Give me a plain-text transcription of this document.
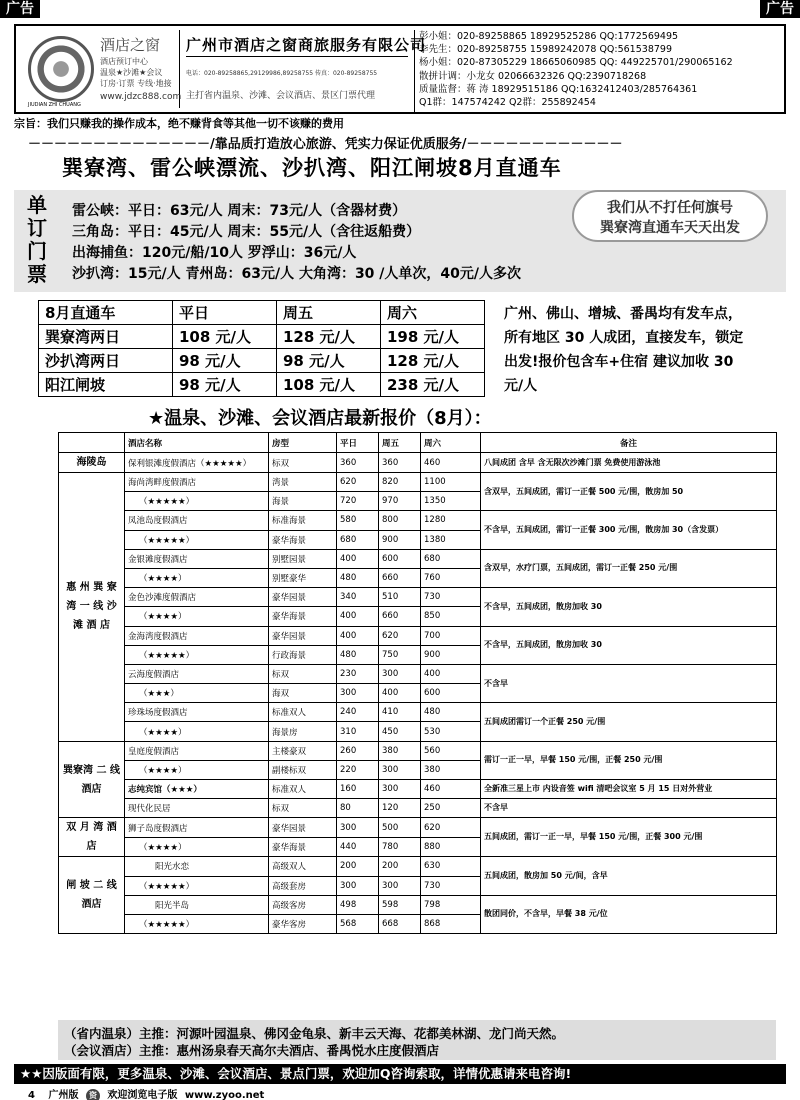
广告	广告
JIUDIAN ZHI CHUANG
酒店之窗
酒店预订中心
温泉★沙滩★会议
订房·订票 专线·地接
www.jdzc888.com
广州市酒店之窗商旅服务有限公司
电话：020-89258865,29129986,89258755 传真：020-89258755
主打省内温泉、沙滩、会议酒店、景区门票代理
彭小姐：020-89258865 18929525286 QQ:1772569495
李先生：020-89258755 15989242078 QQ:561538799
杨小姐：020-87305229 18665060985 QQ: 449225701/290065162
散拼计调：小龙女 02066632326 QQ:2390718268
质量监督：蒋 涛 18929515186 QQ:1632412403/285764361
Q1群：147574242 Q2群：255892454
宗旨：我们只赚我的操作成本，绝不赚背食等其他一切不该赚的费用
－－－－－－－－－－－－－－/靠品质打造放心旅游、凭实力保证优质服务/－－－－－－－－－－－－
巽寮湾、雷公峡漂流、沙扒湾、阳江闸坡8月直通车
单
订
门
票
雷公峡：平日：63元/人 周末：73元/人（含器材费）
三角岛：平日：45元/人 周末：55元/人（含往返船费）
出海捕鱼：120元/船/10人 罗浮山：36元/人
沙扒湾：15元/人 青州岛：63元/人 大角湾：30 /人单次，40元/人多次
我们从不打任何旗号
巽寮湾直通车天天出发
8月直通车	平日	周五	周六
巽寮湾两日	108 元/人	128 元/人	198 元/人
沙扒湾两日	98 元/人	98 元/人	128 元/人
阳江闸坡	98 元/人	108 元/人	238 元/人
广州、佛山、增城、番禺均有发车点，所有地区 30 人成团，直接发车，锁定出发!报价包含车+住宿 建议加收 30 元/人
★温泉、沙滩、会议酒店最新报价（8月）：
	酒店名称	房型	平日	周五	周六	备注
海陵岛	保利银滩度假酒店（★★★★★）	标双	360	360	460	八间成团 含早 含无限次沙滩门票 免费使用游泳池
惠 州 巽 寮 湾 一 线 沙 滩 酒 店	海尚湾畔度假酒店	湾景	620	820	1100	含双早，五间成团，需订一正餐 500 元/围，散房加 50
	（★★★★★）	海景	720	970	1350	
	凤池岛度假酒店	标准海景	580	800	1280	不含早，五间成团，需订一正餐 300 元/围，散房加 30（含发票）
	（★★★★★）	豪华海景	680	900	1380	
	金银滩度假酒店	别墅园景	400	600	680	含双早，水疗门票，五间成团，需订一正餐 250 元/围
	（★★★★）	别墅豪华	480	660	760	
	金色沙滩度假酒店	豪华园景	340	510	730	不含早，五间成团，散房加收 30
	（★★★★）	豪华海景	400	660	850	
	金海湾度假酒店	豪华园景	400	620	700	不含早，五间成团，散房加收 30
	（★★★★★）	行政海景	480	750	900	
	云海度假酒店	标双	230	300	400	不含早
	（★★★）	海双	300	400	600	
	珍珠场度假酒店	标准双人	240	410	480	五间成团需订一个正餐 250 元/围
	（★★★★）	海景房	310	450	530	
巽寮湾 二 线 酒店	皇庭度假酒店	主楼豪双	260	380	560	需订一正一早，早餐 150 元/围，正餐 250 元/围
	（★★★★）	副楼标双	220	300	380	
	志纯宾馆（★★★）	标准双人	160	300	460	全新准三星上市 内设音签 wifi 清吧会议室 5 月 15 日对外营业
	现代化民居	标双	80	120	250	不含早
双 月 湾 酒店	狮子岛度假酒店	豪华园景	300	500	620	五间成团，需订一正一早，早餐 150 元/围，正餐 300 元/围
	（★★★★）	豪华海景	440	780	880	
闸 坡 二 线酒店	阳光水恋	高级双人	200	200	630	五间成团，散房加 50 元/间，含早
	（★★★★★）	高级套房	300	300	730	
	阳光半岛	高级客房	498	598	798	散团同价，不含早，早餐 38 元/位
	（★★★★★）	豪华客房	568	668	868	
（省内温泉）主推：河源叶园温泉、佛冈金龟泉、新丰云天海、花都美林湖、龙门尚天然。
（会议酒店）主推：惠州汤泉春天高尔夫酒店、番禺悦水庄度假酒店
★★因版面有限，更多温泉、沙滩、会议酒店、景点门票，欢迎加Q咨询索取，详情优惠请来电咨询!
4 广州版 资 欢迎浏览电子版 www.zyoo.net
